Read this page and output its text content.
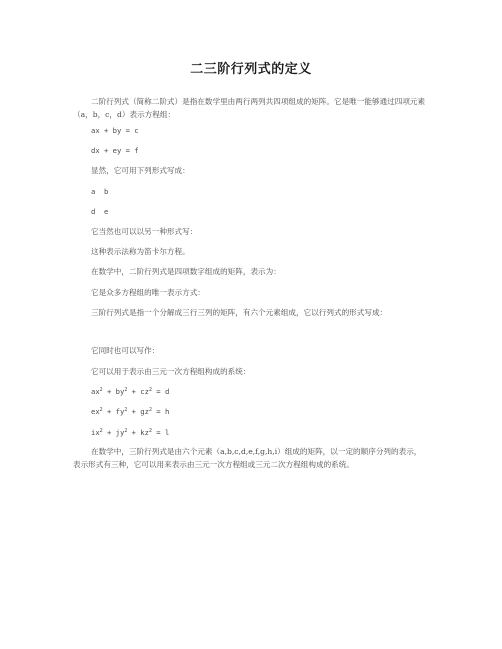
二三阶行列式的定义
二阶行列式（简称二阶式）是指在数学里由两行两列共四项组成的矩阵。它是唯一能够通过四项元素（a，b，c，d）表示方程组：
ax + by = c
dx + ey = f
显然，它可用下列形式写成：
a  b
d  e
它当然也可以以另一种形式写：
这种表示法称为笛卡尔方程。
在数学中，二阶行列式是四项数字组成的矩阵，表示为：
它是众多方程组的唯一表示方式：
三阶行列式是指一个分解成三行三列的矩阵，有六个元素组成，它以行列式的形式写成：
它同时也可以写作：
它可以用于表示由三元一次方程组构成的系统：
$ax^2 + by^2 + cz^2 = d$
$ex^2 + fy^2 + gz^2 = h$
$ix^2 + jy^2 + kz^2 = l$
在数学中，三阶行列式是由六个元素（a,b,c,d,e,f,g,h,i）组成的矩阵，以一定的顺序分列的表示，表示形式有三种，它可以用来表示由三元一次方程组或三元二次方程组构成的系统。
